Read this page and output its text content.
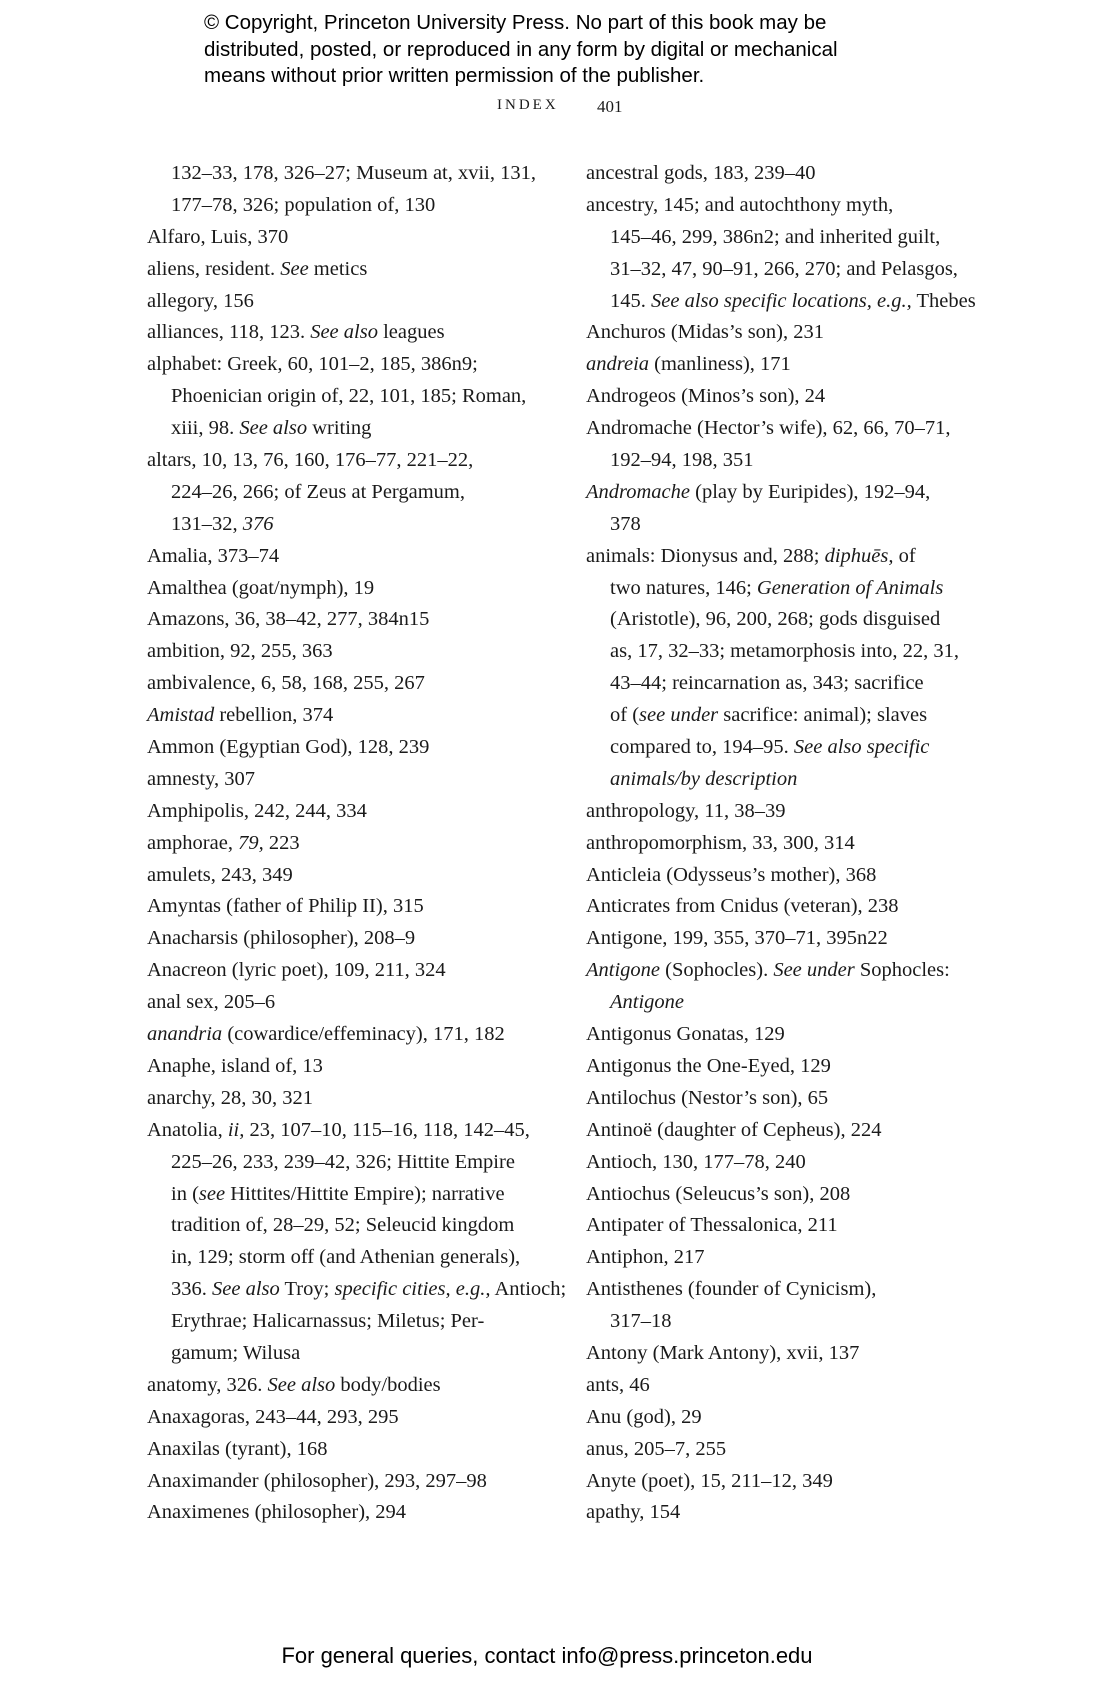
© Copyright, Princeton University Press. No part of this book may be
distributed, posted, or reproduced in any form by digital or mechanical
means without prior written permission of the publisher.
INDEX 401
132–33, 178, 326–27; Museum at, xvii, 131,
177–78, 326; population of, 130
Alfaro, Luis, 370
aliens, resident. See metics
allegory, 156
alliances, 118, 123. See also leagues
alphabet: Greek, 60, 101–2, 185, 386n9;
Phoenician origin of, 22, 101, 185; Roman,
xiii, 98. See also writing
altars, 10, 13, 76, 160, 176–77, 221–22,
224–26, 266; of Zeus at Pergamum,
131–32, 376
Amalia, 373–74
Amalthea (goat/nymph), 19
Amazons, 36, 38–42, 277, 384n15
ambition, 92, 255, 363
ambivalence, 6, 58, 168, 255, 267
Amistad rebellion, 374
Ammon (Egyptian God), 128, 239
amnesty, 307
Amphipolis, 242, 244, 334
amphorae, 79, 223
amulets, 243, 349
Amyntas (father of Philip II), 315
Anacharsis (philosopher), 208–9
Anacreon (lyric poet), 109, 211, 324
anal sex, 205–6
anandria (cowardice/effeminacy), 171, 182
Anaphe, island of, 13
anarchy, 28, 30, 321
Anatolia, ii, 23, 107–10, 115–16, 118, 142–45,
225–26, 233, 239–42, 326; Hittite Empire
in (see Hittites/Hittite Empire); narrative
tradition of, 28–29, 52; Seleucid kingdom
in, 129; storm off (and Athenian generals),
336. See also Troy; specific cities, e.g., Antioch;
Erythrae; Halicarnassus; Miletus; Per-
gamum; Wilusa
anatomy, 326. See also body/bodies
Anaxagoras, 243–44, 293, 295
Anaxilas (tyrant), 168
Anaximander (philosopher), 293, 297–98
Anaximenes (philosopher), 294
ancestral gods, 183, 239–40
ancestry, 145; and autochthony myth,
145–46, 299, 386n2; and inherited guilt,
31–32, 47, 90–91, 266, 270; and Pelasgos,
145. See also specific locations, e.g., Thebes
Anchuros (Midas’s son), 231
andreia (manliness), 171
Androgeos (Minos’s son), 24
Andromache (Hector’s wife), 62, 66, 70–71,
192–94, 198, 351
Andromache (play by Euripides), 192–94,
378
animals: Dionysus and, 288; diphuēs, of
two natures, 146; Generation of Animals
(Aristotle), 96, 200, 268; gods disguised
as, 17, 32–33; metamorphosis into, 22, 31,
43–44; reincarnation as, 343; sacrifice
of (see under sacrifice: animal); slaves
compared to, 194–95. See also specific
animals/by description
anthropology, 11, 38–39
anthropomorphism, 33, 300, 314
Anticleia (Odysseus’s mother), 368
Anticrates from Cnidus (veteran), 238
Antigone, 199, 355, 370–71, 395n22
Antigone (Sophocles). See under Sophocles:
Antigone
Antigonus Gonatas, 129
Antigonus the One-Eyed, 129
Antilochus (Nestor’s son), 65
Antinoë (daughter of Cepheus), 224
Antioch, 130, 177–78, 240
Antiochus (Seleucus’s son), 208
Antipater of Thessalonica, 211
Antiphon, 217
Antisthenes (founder of Cynicism),
317–18
Antony (Mark Antony), xvii, 137
ants, 46
Anu (god), 29
anus, 205–7, 255
Anyte (poet), 15, 211–12, 349
apathy, 154
For general queries, contact info@press.princeton.edu
